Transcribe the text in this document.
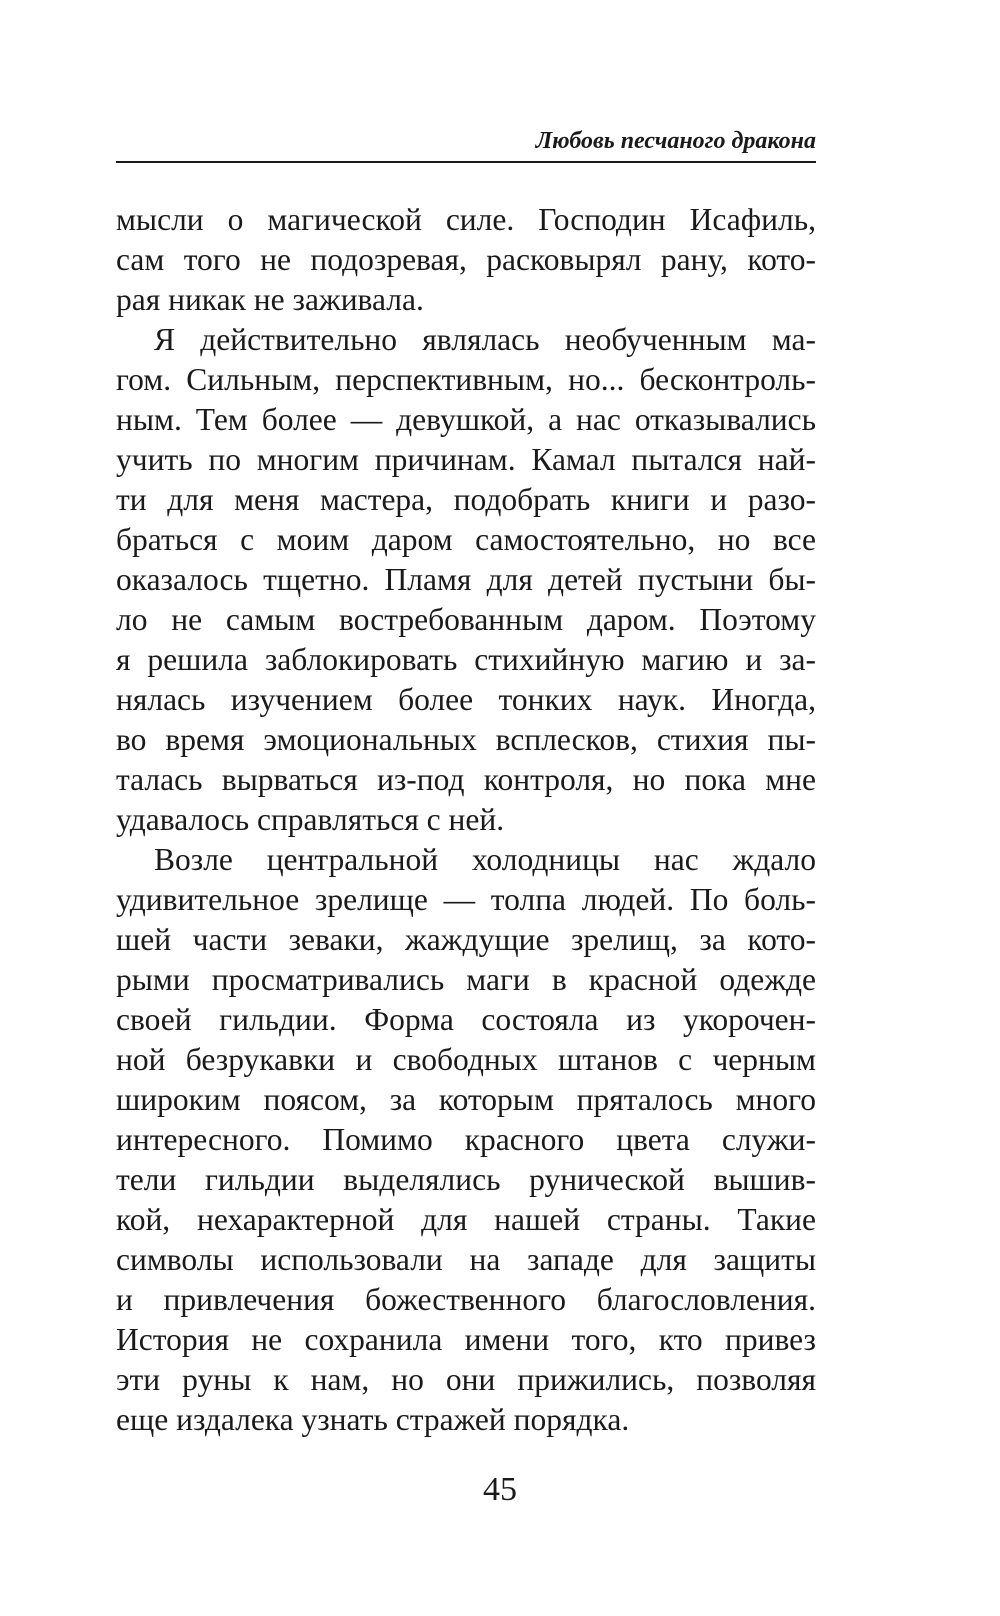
Любовь песчаного дракона
мысли о магической силе. Господин Исафиль,
сам того не подозревая, расковырял рану, кото-
рая никак не заживала.
Я действительно являлась необученным ма-
гом. Сильным, перспективным, но... бесконтроль-
ным. Тем более — девушкой, а нас отказывались
учить по многим причинам. Камал пытался най-
ти для меня мастера, подобрать книги и разо-
браться с моим даром самостоятельно, но все
оказалось тщетно. Пламя для детей пустыни бы-
ло не самым востребованным даром. Поэтому
я решила заблокировать стихийную магию и за-
нялась изучением более тонких наук. Иногда,
во время эмоциональных всплесков, стихия пы-
талась вырваться из-под контроля, но пока мне
удавалось справляться с ней.
Возле центральной холодницы нас ждало
удивительное зрелище — толпа людей. По боль-
шей части зеваки, жаждущие зрелищ, за кото-
рыми просматривались маги в красной одежде
своей гильдии. Форма состояла из укорочен-
ной безрукавки и свободных штанов с черным
широким поясом, за которым пряталось много
интересного. Помимо красного цвета служи-
тели гильдии выделялись рунической вышив-
кой, нехарактерной для нашей страны. Такие
символы использовали на западе для защиты
и привлечения божественного благословления.
История не сохранила имени того, кто привез
эти руны к нам, но они прижились, позволяя
еще издалека узнать стражей порядка.
45
